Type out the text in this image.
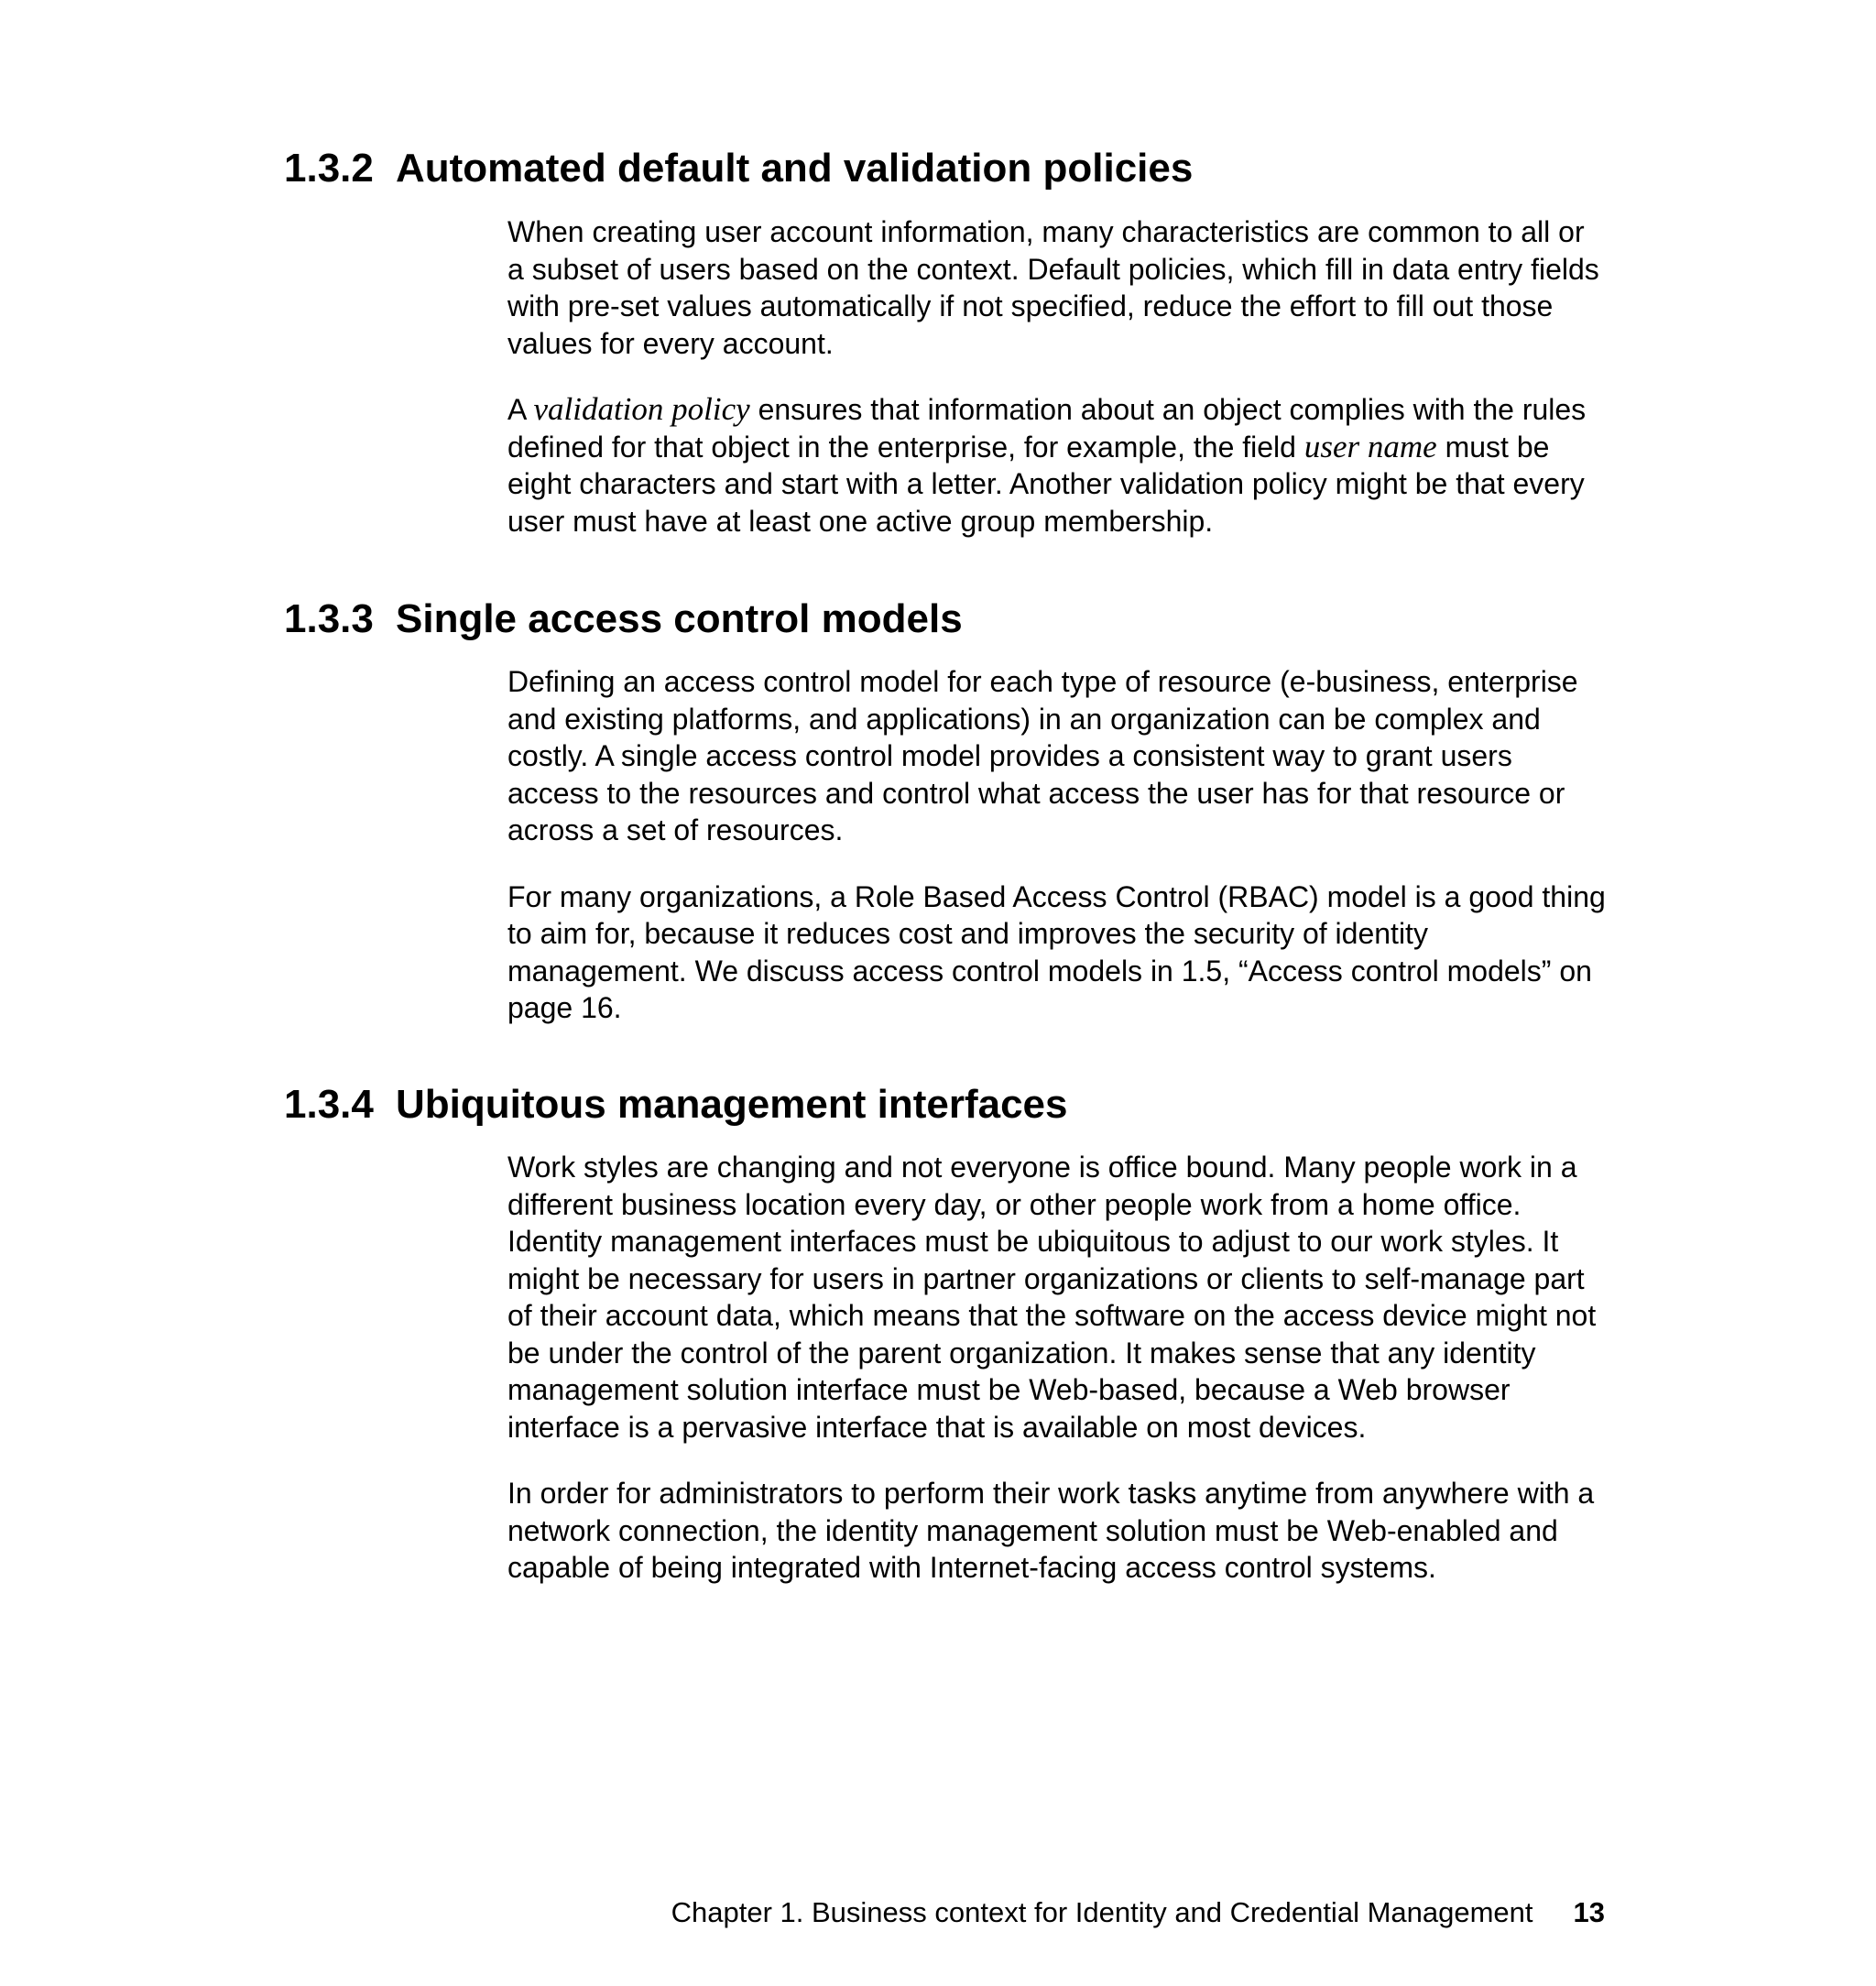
1.3.2 Automated default and validation policies

When creating user account information, many characteristics are common to all or a subset of users based on the context. Default policies, which fill in data entry fields with pre-set values automatically if not specified, reduce the effort to fill out those values for every account.

A validation policy ensures that information about an object complies with the rules defined for that object in the enterprise, for example, the field user name must be eight characters and start with a letter. Another validation policy might be that every user must have at least one active group membership.

1.3.3 Single access control models

Defining an access control model for each type of resource (e-business, enterprise and existing platforms, and applications) in an organization can be complex and costly. A single access control model provides a consistent way to grant users access to the resources and control what access the user has for that resource or across a set of resources.

For many organizations, a Role Based Access Control (RBAC) model is a good thing to aim for, because it reduces cost and improves the security of identity management. We discuss access control models in 1.5, “Access control models” on page 16.

1.3.4 Ubiquitous management interfaces

Work styles are changing and not everyone is office bound. Many people work in a different business location every day, or other people work from a home office. Identity management interfaces must be ubiquitous to adjust to our work styles. It might be necessary for users in partner organizations or clients to self-manage part of their account data, which means that the software on the access device might not be under the control of the parent organization. It makes sense that any identity management solution interface must be Web-based, because a Web browser interface is a pervasive interface that is available on most devices.

In order for administrators to perform their work tasks anytime from anywhere with a network connection, the identity management solution must be Web-enabled and capable of being integrated with Internet-facing access control systems.

Chapter 1. Business context for Identity and Credential Management 13
